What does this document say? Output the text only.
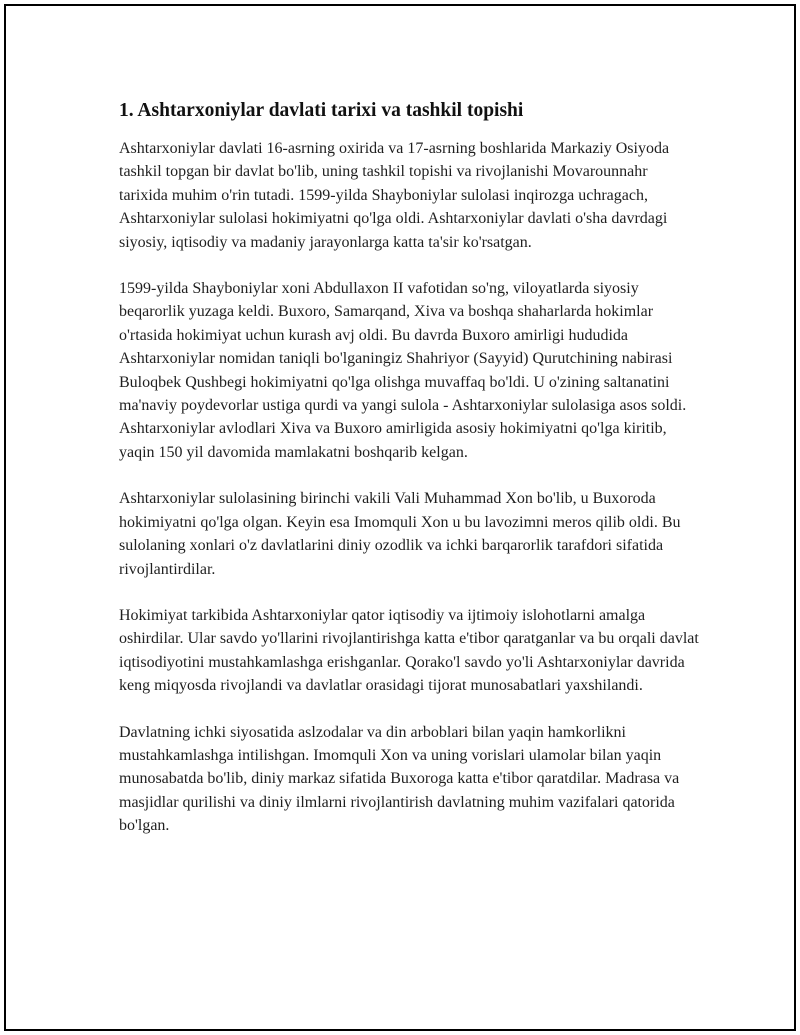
1. Ashtarxoniylar davlati tarixi va tashkil topishi

Ashtarxoniylar davlati 16-asrning oxirida va 17-asrning boshlarida Markaziy Osiyoda tashkil topgan bir davlat bo'lib, uning tashkil topishi va rivojlanishi Movarounnahr tarixida muhim o'rin tutadi. 1599-yilda Shayboniylar sulolasi inqirozga uchragach, Ashtarxoniylar sulolasi hokimiyatni qo'lga oldi. Ashtarxoniylar davlati o'sha davrdagi siyosiy, iqtisodiy va madaniy jarayonlarga katta ta'sir ko'rsatgan.

1599-yilda Shayboniylar xoni Abdullaxon II vafotidan so'ng, viloyatlarda siyosiy beqarorlik yuzaga keldi. Buxoro, Samarqand, Xiva va boshqa shaharlarda hokimlar o'rtasida hokimiyat uchun kurash avj oldi. Bu davrda Buxoro amirligi hududida Ashtarxoniylar nomidan taniqli bo'lganingiz Shahriyor (Sayyid) Qurutchining nabirasi Buloqbek Qushbegi hokimiyatni qo'lga olishga muvaffaq bo'ldi. U o'zining saltanatini ma'naviy poydevorlar ustiga qurdi va yangi sulola - Ashtarxoniylar sulolasiga asos soldi. Ashtarxoniylar avlodlari Xiva va Buxoro amirligida asosiy hokimiyatni qo'lga kiritib, yaqin 150 yil davomida mamlakatni boshqarib kelgan.

Ashtarxoniylar sulolasining birinchi vakili Vali Muhammad Xon bo'lib, u Buxoroda hokimiyatni qo'lga olgan. Keyin esa Imomquli Xon u bu lavozimni meros qilib oldi. Bu sulolaning xonlari o'z davlatlarini diniy ozodlik va ichki barqarorlik tarafdori sifatida rivojlantirdilar.

Hokimiyat tarkibida Ashtarxoniylar qator iqtisodiy va ijtimoiy islohotlarni amalga oshirdilar. Ular savdo yo'llarini rivojlantirishga katta e'tibor qaratganlar va bu orqali davlat iqtisodiyotini mustahkamlashga erishganlar. Qorako'l savdo yo'li Ashtarxoniylar davrida keng miqyosda rivojlandi va davlatlar orasidagi tijorat munosabatlari yaxshilandi.

Davlatning ichki siyosatida aslzodalar va din arboblari bilan yaqin hamkorlikni mustahkamlashga intilishgan. Imomquli Xon va uning vorislari ulamolar bilan yaqin munosabatda bo'lib, diniy markaz sifatida Buxoroga katta e'tibor qaratdilar. Madrasa va masjidlar qurilishi va diniy ilmlarni rivojlantirish davlatning muhim vazifalari qatorida bo'lgan.
